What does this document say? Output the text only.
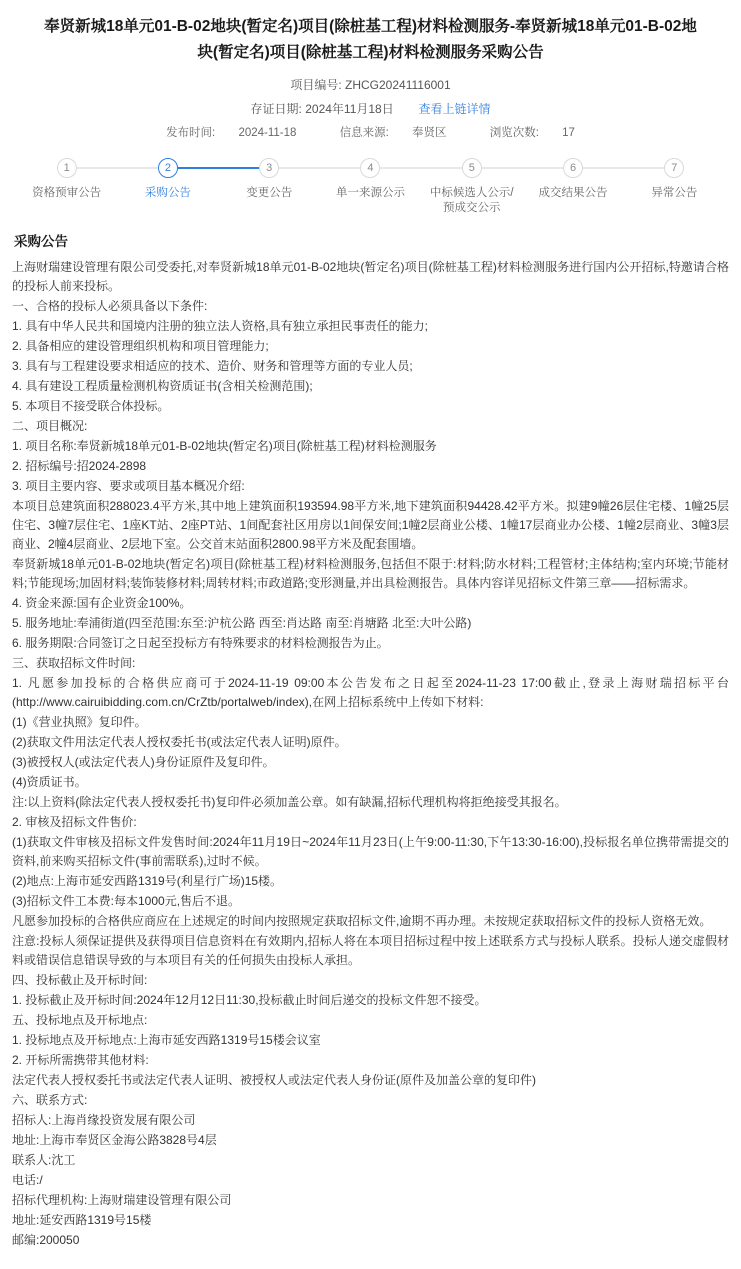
奉贤新城18单元01-B-02地块(暂定名)项目(除桩基工程)材料检测服务-奉贤新城18单元01-B-02地块(暂定名)项目(除桩基工程)材料检测服务采购公告
项目编号: ZHCG20241116001
存证日期: 2024年11月18日 查看上链详情
发布时间: 2024-11-18	信息来源: 奉贤区	浏览次数: 17
1
资格预审公告
2
采购公告
3
变更公告
4
单一来源公示
5
中标候选人公示/预成交公示
6
成交结果公告
7
异常公告
采购公告

上海财瑞建设管理有限公司受委托,对奉贤新城18单元01-B-02地块(暂定名)项目(除桩基工程)材料检测服务进行国内公开招标,特邀请合格的投标人前来投标。

一、合格的投标人必须具备以下条件:

1. 具有中华人民共和国境内注册的独立法人资格,具有独立承担民事责任的能力;

2. 具备相应的建设管理组织机构和项目管理能力;

3. 具有与工程建设要求相适应的技术、造价、财务和管理等方面的专业人员;

4. 具有建设工程质量检测机构资质证书(含相关检测范围);

5. 本项目不接受联合体投标。

二、项目概况:

1. 项目名称:奉贤新城18单元01-B-02地块(暂定名)项目(除桩基工程)材料检测服务

2. 招标编号:招2024-2898

3. 项目主要内容、要求或项目基本概况介绍:

本项目总建筑面积288023.4平方米,其中地上建筑面积193594.98平方米,地下建筑面积94428.42平方米。拟建9幢26层住宅楼、1幢25层住宅、3幢7层住宅、1座KT站、2座PT站、1间配套社区用房以1间保安间;1幢2层商业公楼、1幢17层商业办公楼、1幢2层商业、3幢3层商业、2幢4层商业、2层地下室。公交首末站面积2800.98平方米及配套围墙。

奉贤新城18单元01-B-02地块(暂定名)项目(除桩基工程)材料检测服务,包括但不限于:材料;防水材料;工程管材;主体结构;室内环境;节能材料;节能现场;加固材料;装饰装修材料;周转材料;市政道路;变形测量,并出具检测报告。具体内容详见招标文件第三章——招标需求。

4. 资金来源:国有企业资金100%。

5. 服务地址:奉浦街道(四至范围:东至:沪杭公路 西至:肖达路 南至:肖塘路 北至:大叶公路)

6. 服务期限:合同签订之日起至投标方有特殊要求的材料检测报告为止。

三、获取招标文件时间:

1. 凡愿参加投标的合格供应商可于2024-11-19 09:00本公告发布之日起至2024-11-23 17:00截止,登录上海财瑞招标平台(http://www.cairuibidding.com.cn/CrZtb/portalweb/index),在网上招标系统中上传如下材料:

(1)《营业执照》复印件。

(2)获取文件用法定代表人授权委托书(或法定代表人证明)原件。

(3)被授权人(或法定代表人)身份证原件及复印件。

(4)资质证书。

注:以上资料(除法定代表人授权委托书)复印件必须加盖公章。如有缺漏,招标代理机构将拒绝接受其报名。

2. 审核及招标文件售价:

(1)获取文件审核及招标文件发售时间:2024年11月19日~2024年11月23日(上午9:00-11:30,下午13:30-16:00),投标报名单位携带需提交的资料,前来购买招标文件(事前需联系),过时不候。

(2)地点:上海市延安西路1319号(利星行广场)15楼。

(3)招标文件工本费:每本1000元,售后不退。

凡愿参加投标的合格供应商应在上述规定的时间内按照规定获取招标文件,逾期不再办理。未按规定获取招标文件的投标人资格无效。

注意:投标人须保证提供及获得项目信息资料在有效期内,招标人将在本项目招标过程中按上述联系方式与投标人联系。投标人递交虚假材料或错误信息错误导致的与本项目有关的任何损失由投标人承担。

四、投标截止及开标时间:

1. 投标截止及开标时间:2024年12月12日11:30,投标截止时间后递交的投标文件恕不接受。

五、投标地点及开标地点:

1. 投标地点及开标地点:上海市延安西路1319号15楼会议室

2. 开标所需携带其他材料:

法定代表人授权委托书或法定代表人证明、被授权人或法定代表人身份证(原件及加盖公章的复印件)

六、联系方式:

招标人:上海肖缘投资发展有限公司

地址:上海市奉贤区金海公路3828号4层

联系人:沈工

电话:/

招标代理机构:上海财瑞建设管理有限公司

地址:延安西路1319号15楼

邮编:200050
